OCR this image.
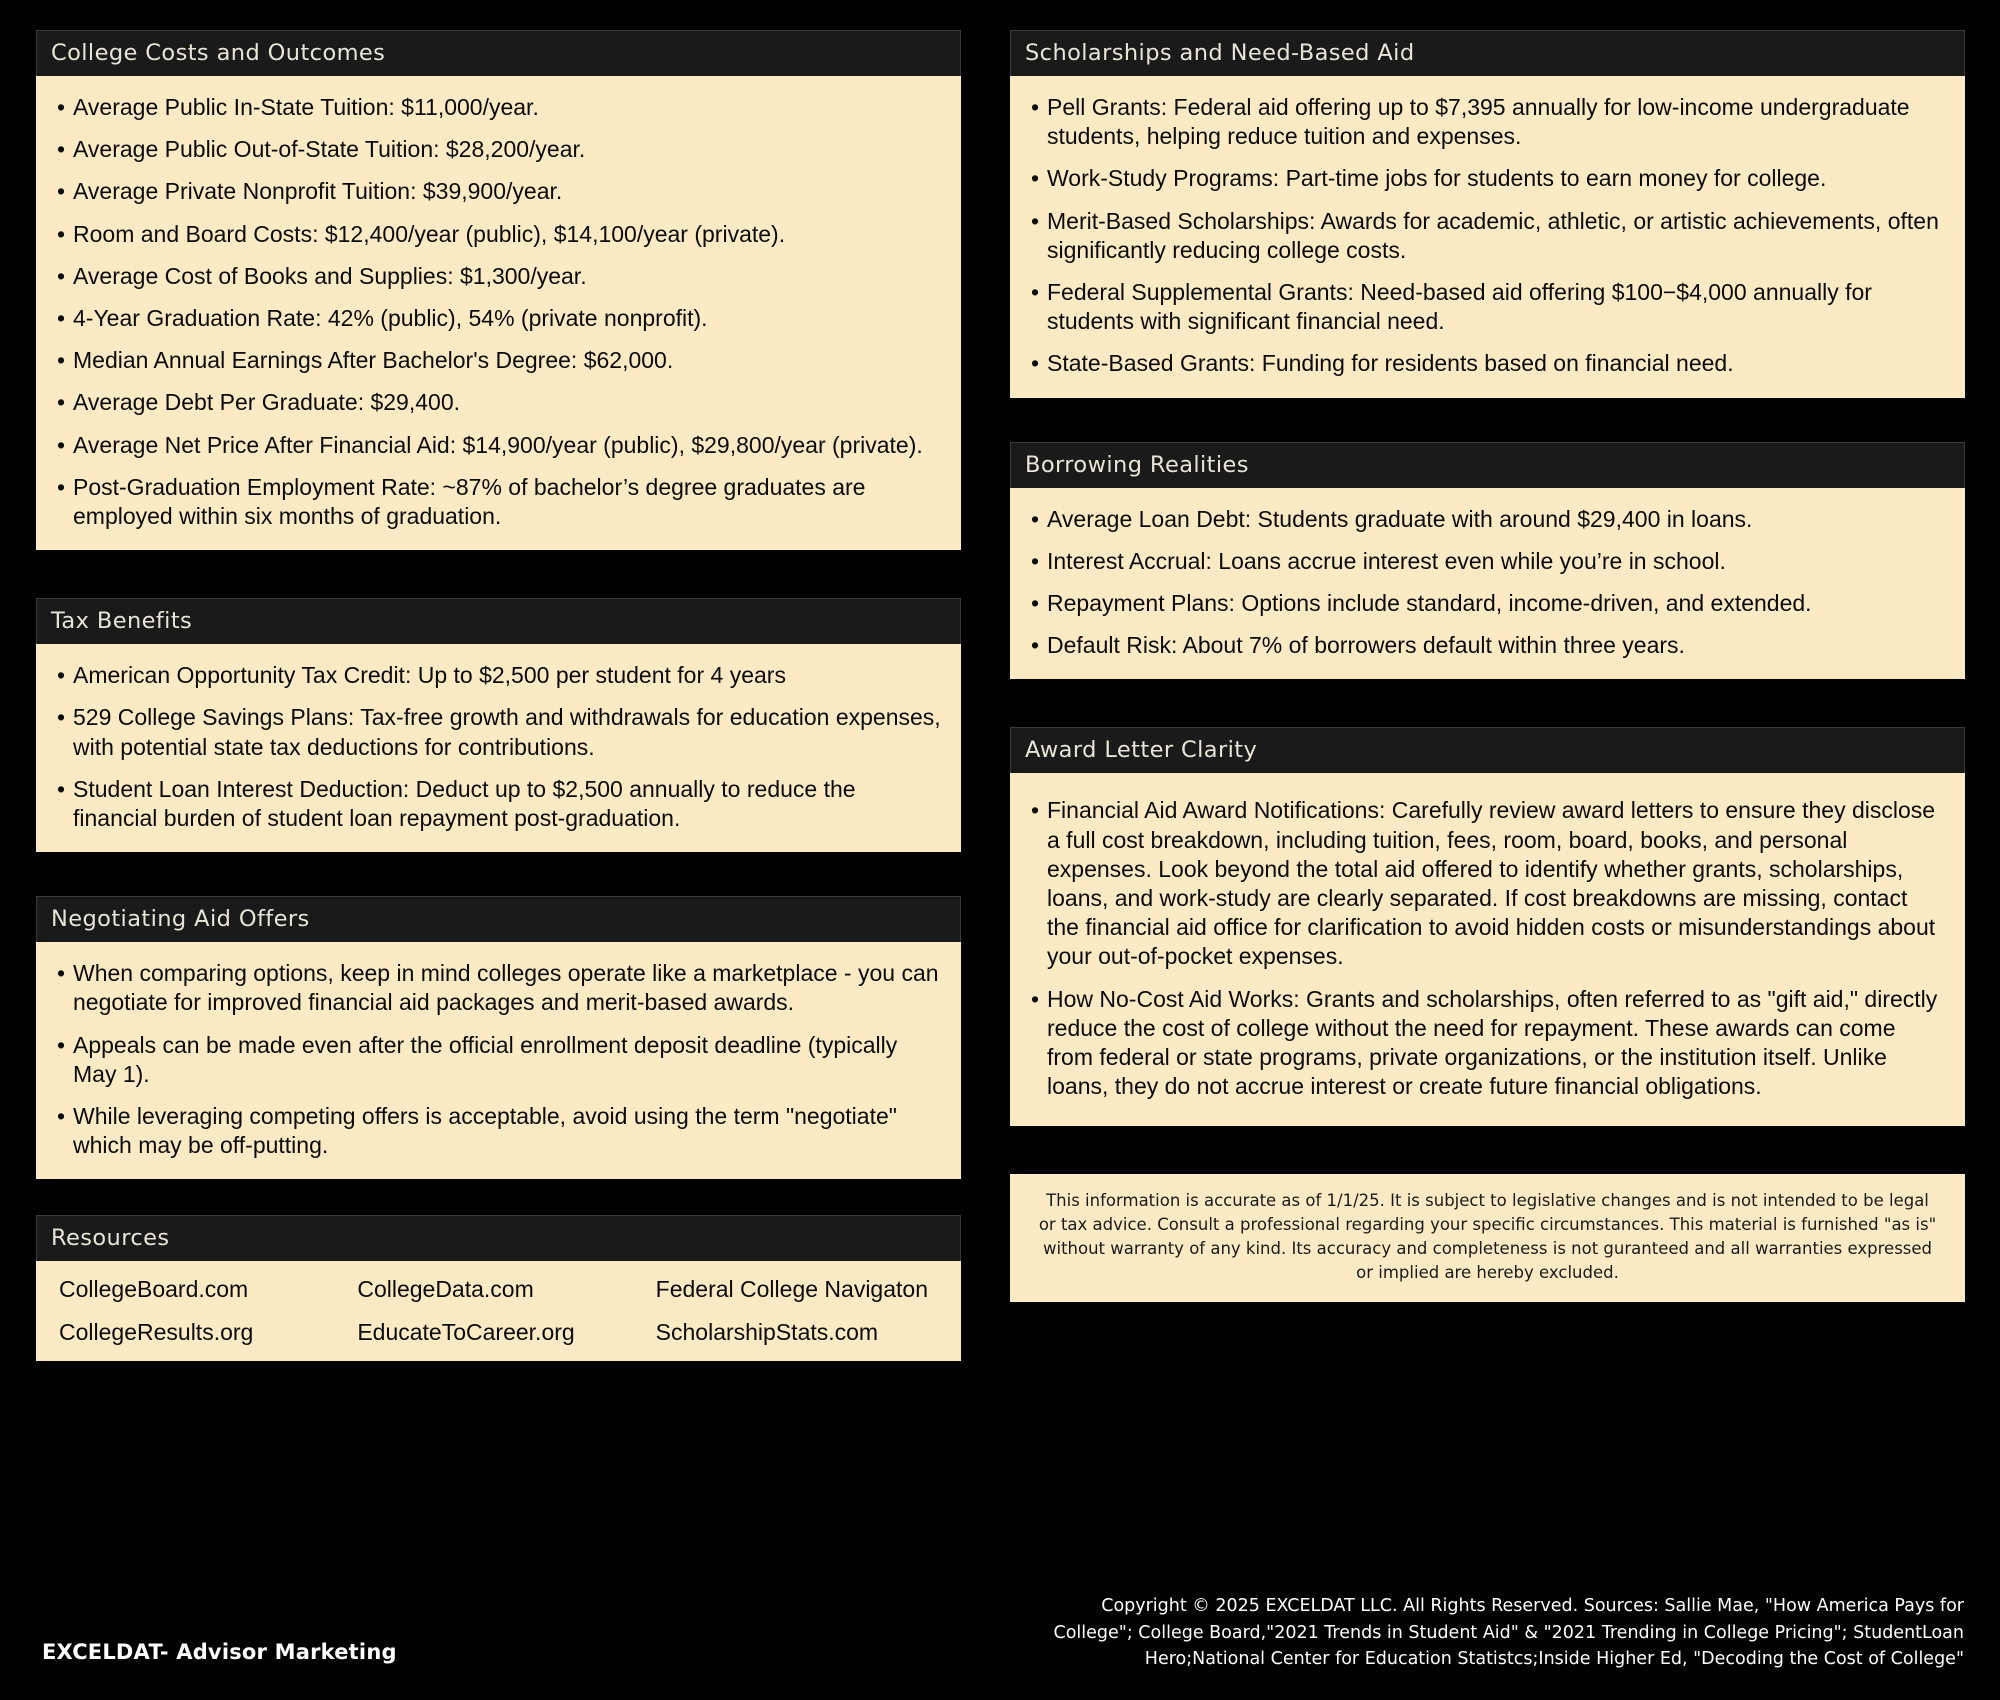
College Costs and Outcomes
• Average Public In-State Tuition: $11,000/year.
• Average Public Out-of-State Tuition: $28,200/year.
• Average Private Nonprofit Tuition: $39,900/year.
• Room and Board Costs: $12,400/year (public), $14,100/year (private).
• Average Cost of Books and Supplies: $1,300/year.
• 4-Year Graduation Rate: 42% (public), 54% (private nonprofit).
• Median Annual Earnings After Bachelor's Degree: $62,000.
• Average Debt Per Graduate: $29,400.
• Average Net Price After Financial Aid: $14,900/year (public), $29,800/year (private).
• Post-Graduation Employment Rate: ~87% of bachelor’s degree graduates are employed within six months of graduation.
Tax Benefits
• American Opportunity Tax Credit: Up to $2,500 per student for 4 years
• 529 College Savings Plans: Tax-free growth and withdrawals for education expenses, with potential state tax deductions for contributions.
• Student Loan Interest Deduction: Deduct up to $2,500 annually to reduce the financial burden of student loan repayment post-graduation.
Negotiating Aid Offers
• When comparing options, keep in mind colleges operate like a marketplace - you can negotiate for improved financial aid packages and merit-based awards.
• Appeals can be made even after the official enrollment deposit deadline (typically May 1).
• While leveraging competing offers is acceptable, avoid using the term "negotiate" which may be off-putting.
Resources
CollegeBoard.com	CollegeData.com	Federal College Navigaton
CollegeResults.org	EducateToCareer.org	ScholarshipStats.com
Scholarships and Need-Based Aid
• Pell Grants: Federal aid offering up to $7,395 annually for low-income undergraduate students, helping reduce tuition and expenses.
• Work-Study Programs: Part-time jobs for students to earn money for college.
• Merit-Based Scholarships: Awards for academic, athletic, or artistic achievements, often significantly reducing college costs.
• Federal Supplemental Grants: Need-based aid offering $100−$4,000 annually for students with significant financial need.
• State-Based Grants: Funding for residents based on financial need.
Borrowing Realities
• Average Loan Debt: Students graduate with around $29,400 in loans.
• Interest Accrual: Loans accrue interest even while you’re in school.
• Repayment Plans: Options include standard, income-driven, and extended.
• Default Risk: About 7% of borrowers default within three years.
Award Letter Clarity
• Financial Aid Award Notifications: Carefully review award letters to ensure they disclose a full cost breakdown, including tuition, fees, room, board, books, and personal expenses. Look beyond the total aid offered to identify whether grants, scholarships, loans, and work-study are clearly separated. If cost breakdowns are missing, contact the financial aid office for clarification to avoid hidden costs or misunderstandings about your out-of-pocket expenses.
• How No-Cost Aid Works: Grants and scholarships, often referred to as "gift aid," directly reduce the cost of college without the need for repayment. These awards can come from federal or state programs, private organizations, or the institution itself. Unlike loans, they do not accrue interest or create future financial obligations.
This information is accurate as of 1/1/25. It is subject to legislative changes and is not intended to be legal or tax advice. Consult a professional regarding your specific circumstances. This material is furnished "as is" without warranty of any kind. Its accuracy and completeness is not guranteed and all warranties expressed or implied are hereby excluded.
EXCELDAT- Advisor Marketing
Copyright © 2025 EXCELDAT LLC. All Rights Reserved. Sources: Sallie Mae, "How America Pays for College"; College Board,"2021 Trends in Student Aid" & "2021 Trending in College Pricing"; StudentLoan Hero;National Center for Education Statistcs;Inside Higher Ed, "Decoding the Cost of College"
